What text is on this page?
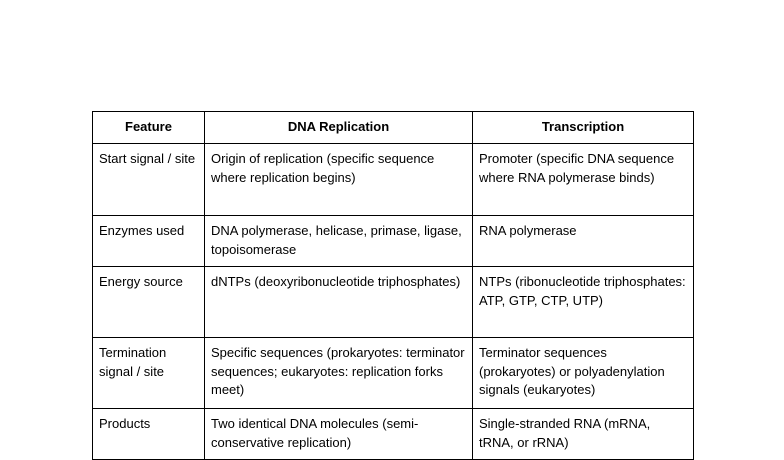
Feature	DNA Replication	Transcription
Start signal / site	Origin of replication (specific sequence where replication begins)	Promoter (specific DNA sequence where RNA polymerase binds)
Enzymes used	DNA polymerase, helicase, primase, ligase, topoisomerase	RNA polymerase
Energy source	dNTPs (deoxyribonucleotide triphosphates)	NTPs (ribonucleotide triphosphates: ATP, GTP, CTP, UTP)
Termination signal / site	Specific sequences (prokaryotes: terminator sequences; eukaryotes: replication forks meet)	Terminator sequences (prokaryotes) or polyadenylation signals (eukaryotes)
Products	Two identical DNA molecules (semi-conservative replication)	Single-stranded RNA (mRNA, tRNA, or rRNA)
